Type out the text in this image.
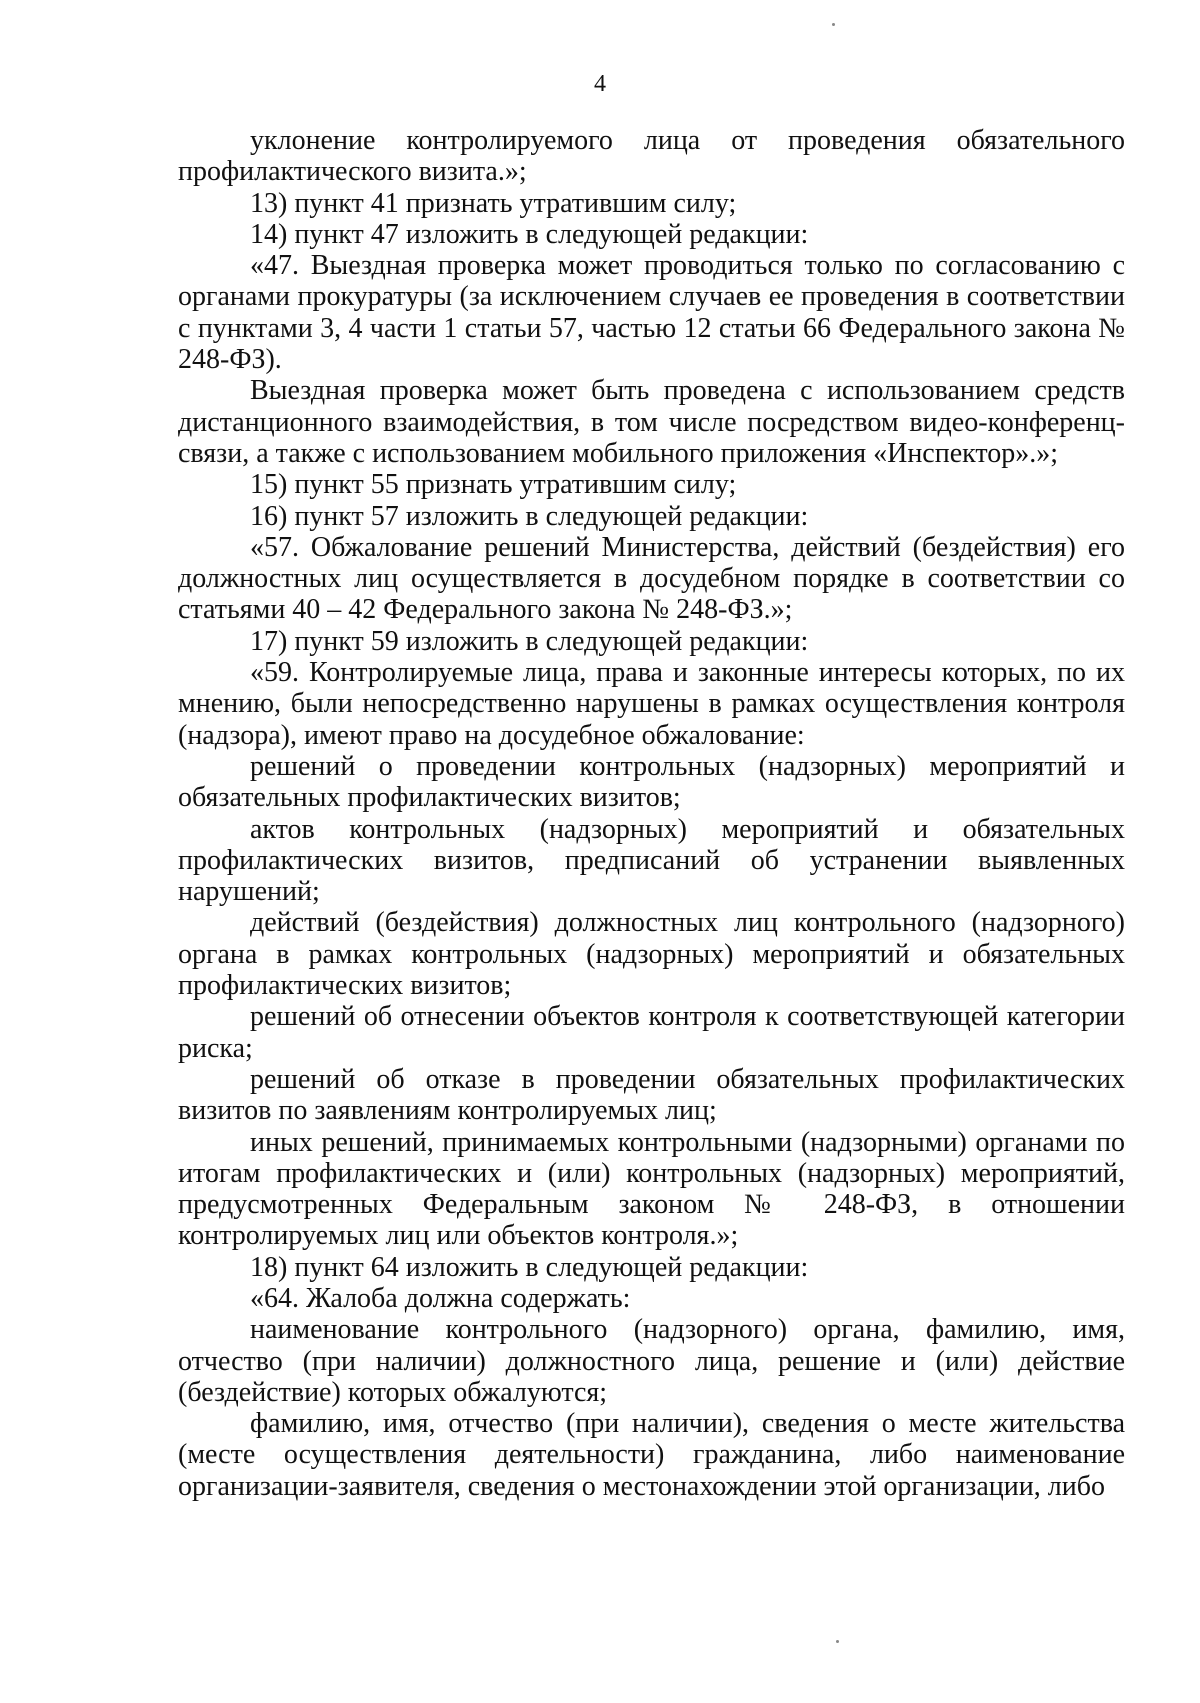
4

уклонение контролируемого лица от проведения обязательного профилактического визита.»;

13) пункт 41 признать утратившим силу;

14) пункт 47 изложить в следующей редакции:

«47. Выездная проверка может проводиться только по согласованию с органами прокуратуры (за исключением случаев ее проведения в соответствии с пунктами 3, 4 части 1 статьи 57, частью 12 статьи 66 Федерального закона № 248-ФЗ).

Выездная проверка может быть проведена с использованием средств дистанционного взаимодействия, в том числе посредством видео-конференц-связи, а также с использованием мобильного приложения «Инспектор».»;

15) пункт 55 признать утратившим силу;

16) пункт 57 изложить в следующей редакции:

«57. Обжалование решений Министерства, действий (бездействия) его должностных лиц осуществляется в досудебном порядке в соответствии со статьями 40 – 42 Федерального закона № 248-ФЗ.»;

17) пункт 59 изложить в следующей редакции:

«59. Контролируемые лица, права и законные интересы которых, по их мнению, были непосредственно нарушены в рамках осуществления контроля (надзора), имеют право на досудебное обжалование:

решений о проведении контрольных (надзорных) мероприятий и обязательных профилактических визитов;

актов контрольных (надзорных) мероприятий и обязательных профилактических визитов, предписаний об устранении выявленных нарушений;

действий (бездействия) должностных лиц контрольного (надзорного) органа в рамках контрольных (надзорных) мероприятий и обязательных профилактических визитов;

решений об отнесении объектов контроля к соответствующей категории риска;

решений об отказе в проведении обязательных профилактических визитов по заявлениям контролируемых лиц;

иных решений, принимаемых контрольными (надзорными) органами по итогам профилактических и (или) контрольных (надзорных) мероприятий, предусмотренных Федеральным законом № 248-ФЗ, в отношении контролируемых лиц или объектов контроля.»;

18) пункт 64 изложить в следующей редакции:

«64. Жалоба должна содержать:

наименование контрольного (надзорного) органа, фамилию, имя, отчество (при наличии) должностного лица, решение и (или) действие (бездействие) которых обжалуются;

фамилию, имя, отчество (при наличии), сведения о месте жительства (месте осуществления деятельности) гражданина, либо наименование организации-заявителя, сведения о местонахождении этой организации, либо
